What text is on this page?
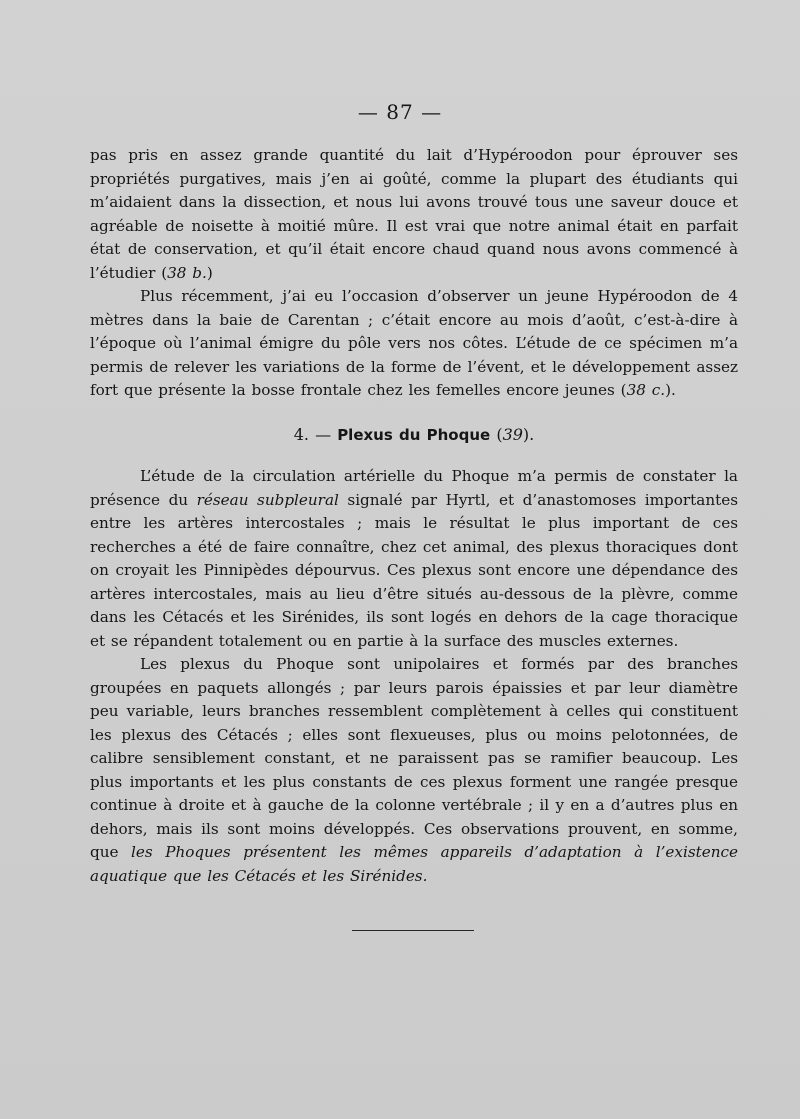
— 87 —

pas pris en assez grande quantité du lait d’Hypéroodon pour éprouver ses propriétés purgatives, mais j’en ai goûté, comme la plupart des étudiants qui m’aidaient dans la dissection, et nous lui avons trouvé tous une saveur douce et agréable de noisette à moitié mûre. Il est vrai que notre animal était en parfait état de conservation, et qu’il était encore chaud quand nous avons commencé à l’étudier (38 b.)

Plus récemment, j’ai eu l’occasion d’observer un jeune Hypéroodon de 4 mètres dans la baie de Carentan ; c’était encore au mois d’août, c’est-à-dire à l’époque où l’animal émigre du pôle vers nos côtes. L’étude de ce spécimen m’a permis de relever les variations de la forme de l’évent, et le développement assez fort que présente la bosse frontale chez les femelles encore jeunes (38 c.).

4. — Plexus du Phoque (39).

L’étude de la circulation artérielle du Phoque m’a permis de constater la présence du réseau subpleural signalé par Hyrtl, et d’anastomoses importantes entre les artères intercostales ; mais le résultat le plus important de ces recherches a été de faire connaître, chez cet animal, des plexus thoraciques dont on croyait les Pinnipèdes dépourvus. Ces plexus sont encore une dépendance des artères intercostales, mais au lieu d’être situés au-dessous de la plèvre, comme dans les Cétacés et les Sirénides, ils sont logés en dehors de la cage thoracique et se répandent totalement ou en partie à la surface des muscles externes.

Les plexus du Phoque sont unipolaires et formés par des branches groupées en paquets allongés ; par leurs parois épaissies et par leur diamètre peu variable, leurs branches ressemblent complètement à celles qui constituent les plexus des Cétacés ; elles sont flexueuses, plus ou moins pelotonnées, de calibre sensiblement constant, et ne paraissent pas se ramifier beaucoup. Les plus importants et les plus constants de ces plexus forment une rangée presque continue à droite et à gauche de la colonne vertébrale ; il y en a d’autres plus en dehors, mais ils sont moins développés. Ces observations prouvent, en somme, que les Phoques présentent les mêmes appareils d’adaptation à l’existence aquatique que les Cétacés et les Sirénides.
